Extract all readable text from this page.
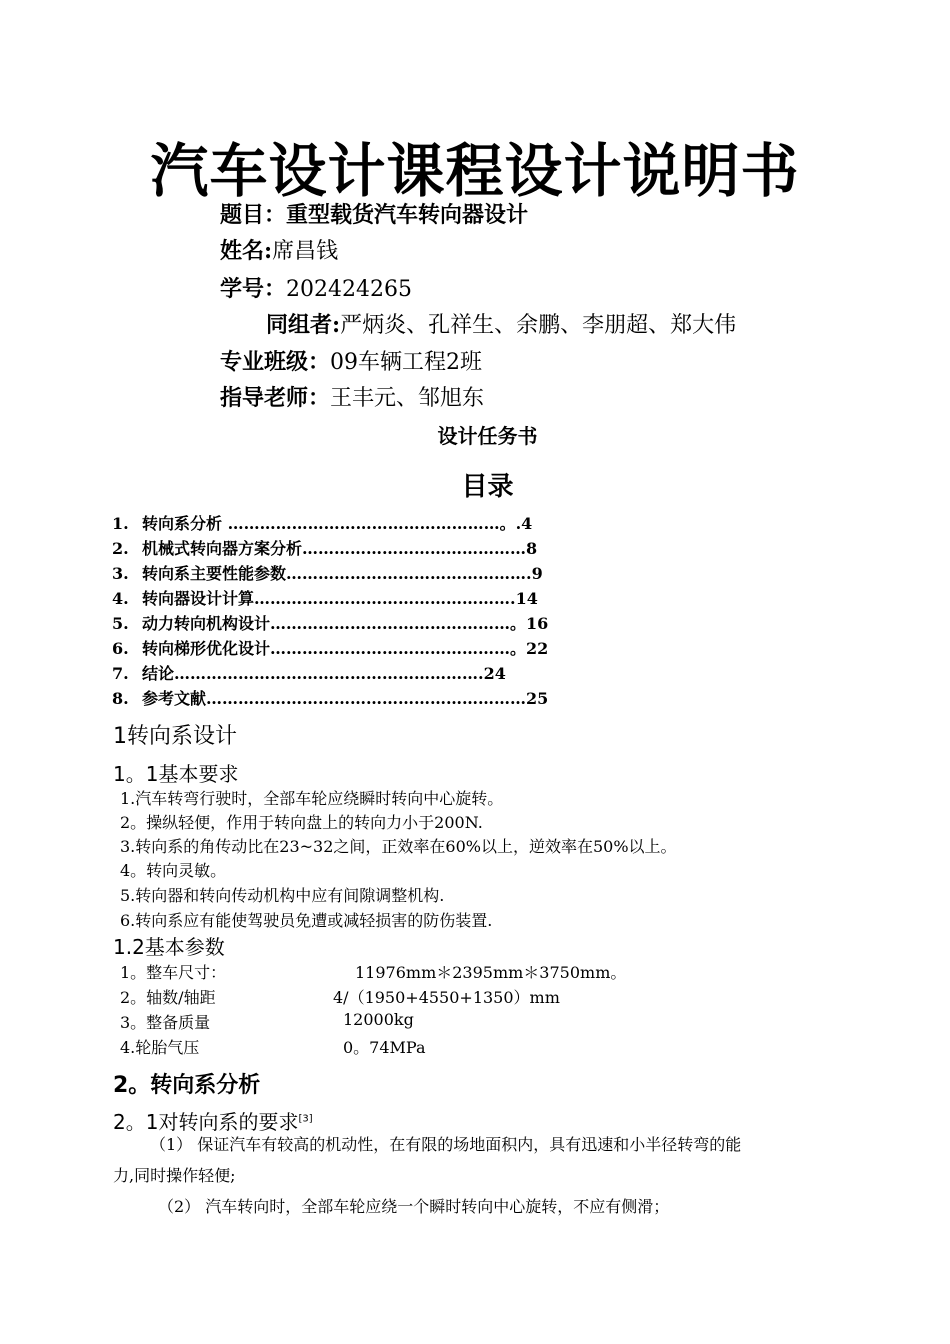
汽车设计课程设计说明书
题目：重型载货汽车转向器设计
姓名:席昌钱
学号：202424265
同组者:严炳炎、孔祥生、余鹏、李朋超、郑大伟
专业班级：09车辆工程2班
指导老师：王丰元、邹旭东
设计任务书
目录
1. 转向系分析 ……………………………………………。.4
2. 机械式转向器方案分析……………………………………8
3. 转向系主要性能参数……………………………………….9
4. 转向器设计计算………………………………………….14
5. 动力转向机构设计………………………………………。16
6. 转向梯形优化设计………………………………………。22
7. 结论………………………………………………….24
8. 参考文献……………………………………………………25
1转向系设计
1。1基本要求
1.汽车转弯行驶时，全部车轮应绕瞬时转向中心旋转。
2。操纵轻便，作用于转向盘上的转向力小于200N.
3.转向系的角传动比在23~32之间，正效率在60%以上，逆效率在50%以上。
4。转向灵敏。
5.转向器和转向传动机构中应有间隙调整机构.
6.转向系应有能使驾驶员免遭或减轻损害的防伤装置.
1.2基本参数
1。整车尺寸：	11976mm＊2395mm＊3750mm。
2。轴数/轴距	4/（1950+4550+1350）mm
3。整备质量	12000kg
4.轮胎气压	0。74MPa
2。转向系分析
2。1对转向系的要求[3]
（1） 保证汽车有较高的机动性，在有限的场地面积内，具有迅速和小半径转弯的能
力,同时操作轻便;
（2） 汽车转向时，全部车轮应绕一个瞬时转向中心旋转，不应有侧滑；
